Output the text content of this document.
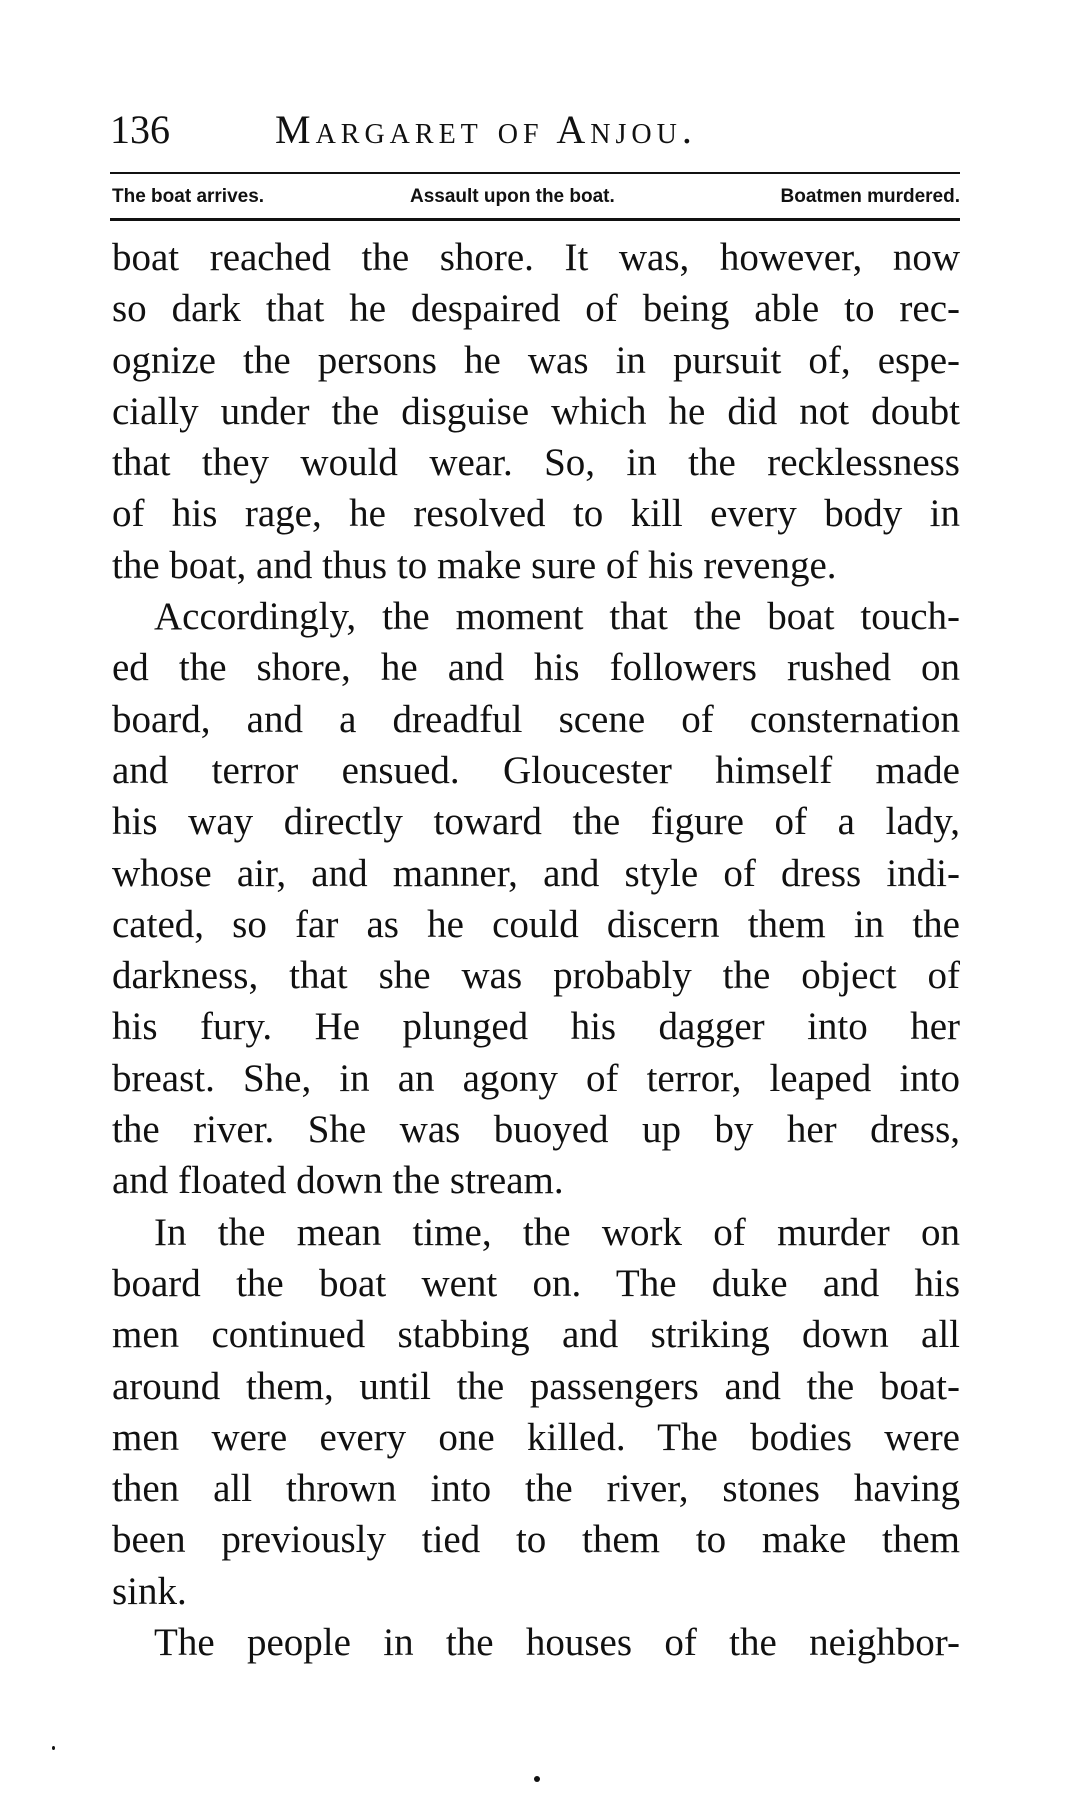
136	Margaret of Anjou.
The boat arrives.	Assault upon the boat.	Boatmen murdered.
boat reached the shore. It was, however, now
so dark that he despaired of being able to rec-
ognize the persons he was in pursuit of, espe-
cially under the disguise which he did not doubt
that they would wear. So, in the recklessness
of his rage, he resolved to kill every body in
the boat, and thus to make sure of his revenge.
Accordingly, the moment that the boat touch-
ed the shore, he and his followers rushed on
board, and a dreadful scene of consternation
and terror ensued. Gloucester himself made
his way directly toward the figure of a lady,
whose air, and manner, and style of dress indi-
cated, so far as he could discern them in the
darkness, that she was probably the object of
his fury. He plunged his dagger into her
breast. She, in an agony of terror, leaped into
the river. She was buoyed up by her dress,
and floated down the stream.
In the mean time, the work of murder on
board the boat went on. The duke and his
men continued stabbing and striking down all
around them, until the passengers and the boat-
men were every one killed. The bodies were
then all thrown into the river, stones having
been previously tied to them to make them
sink.
The people in the houses of the neighbor-
